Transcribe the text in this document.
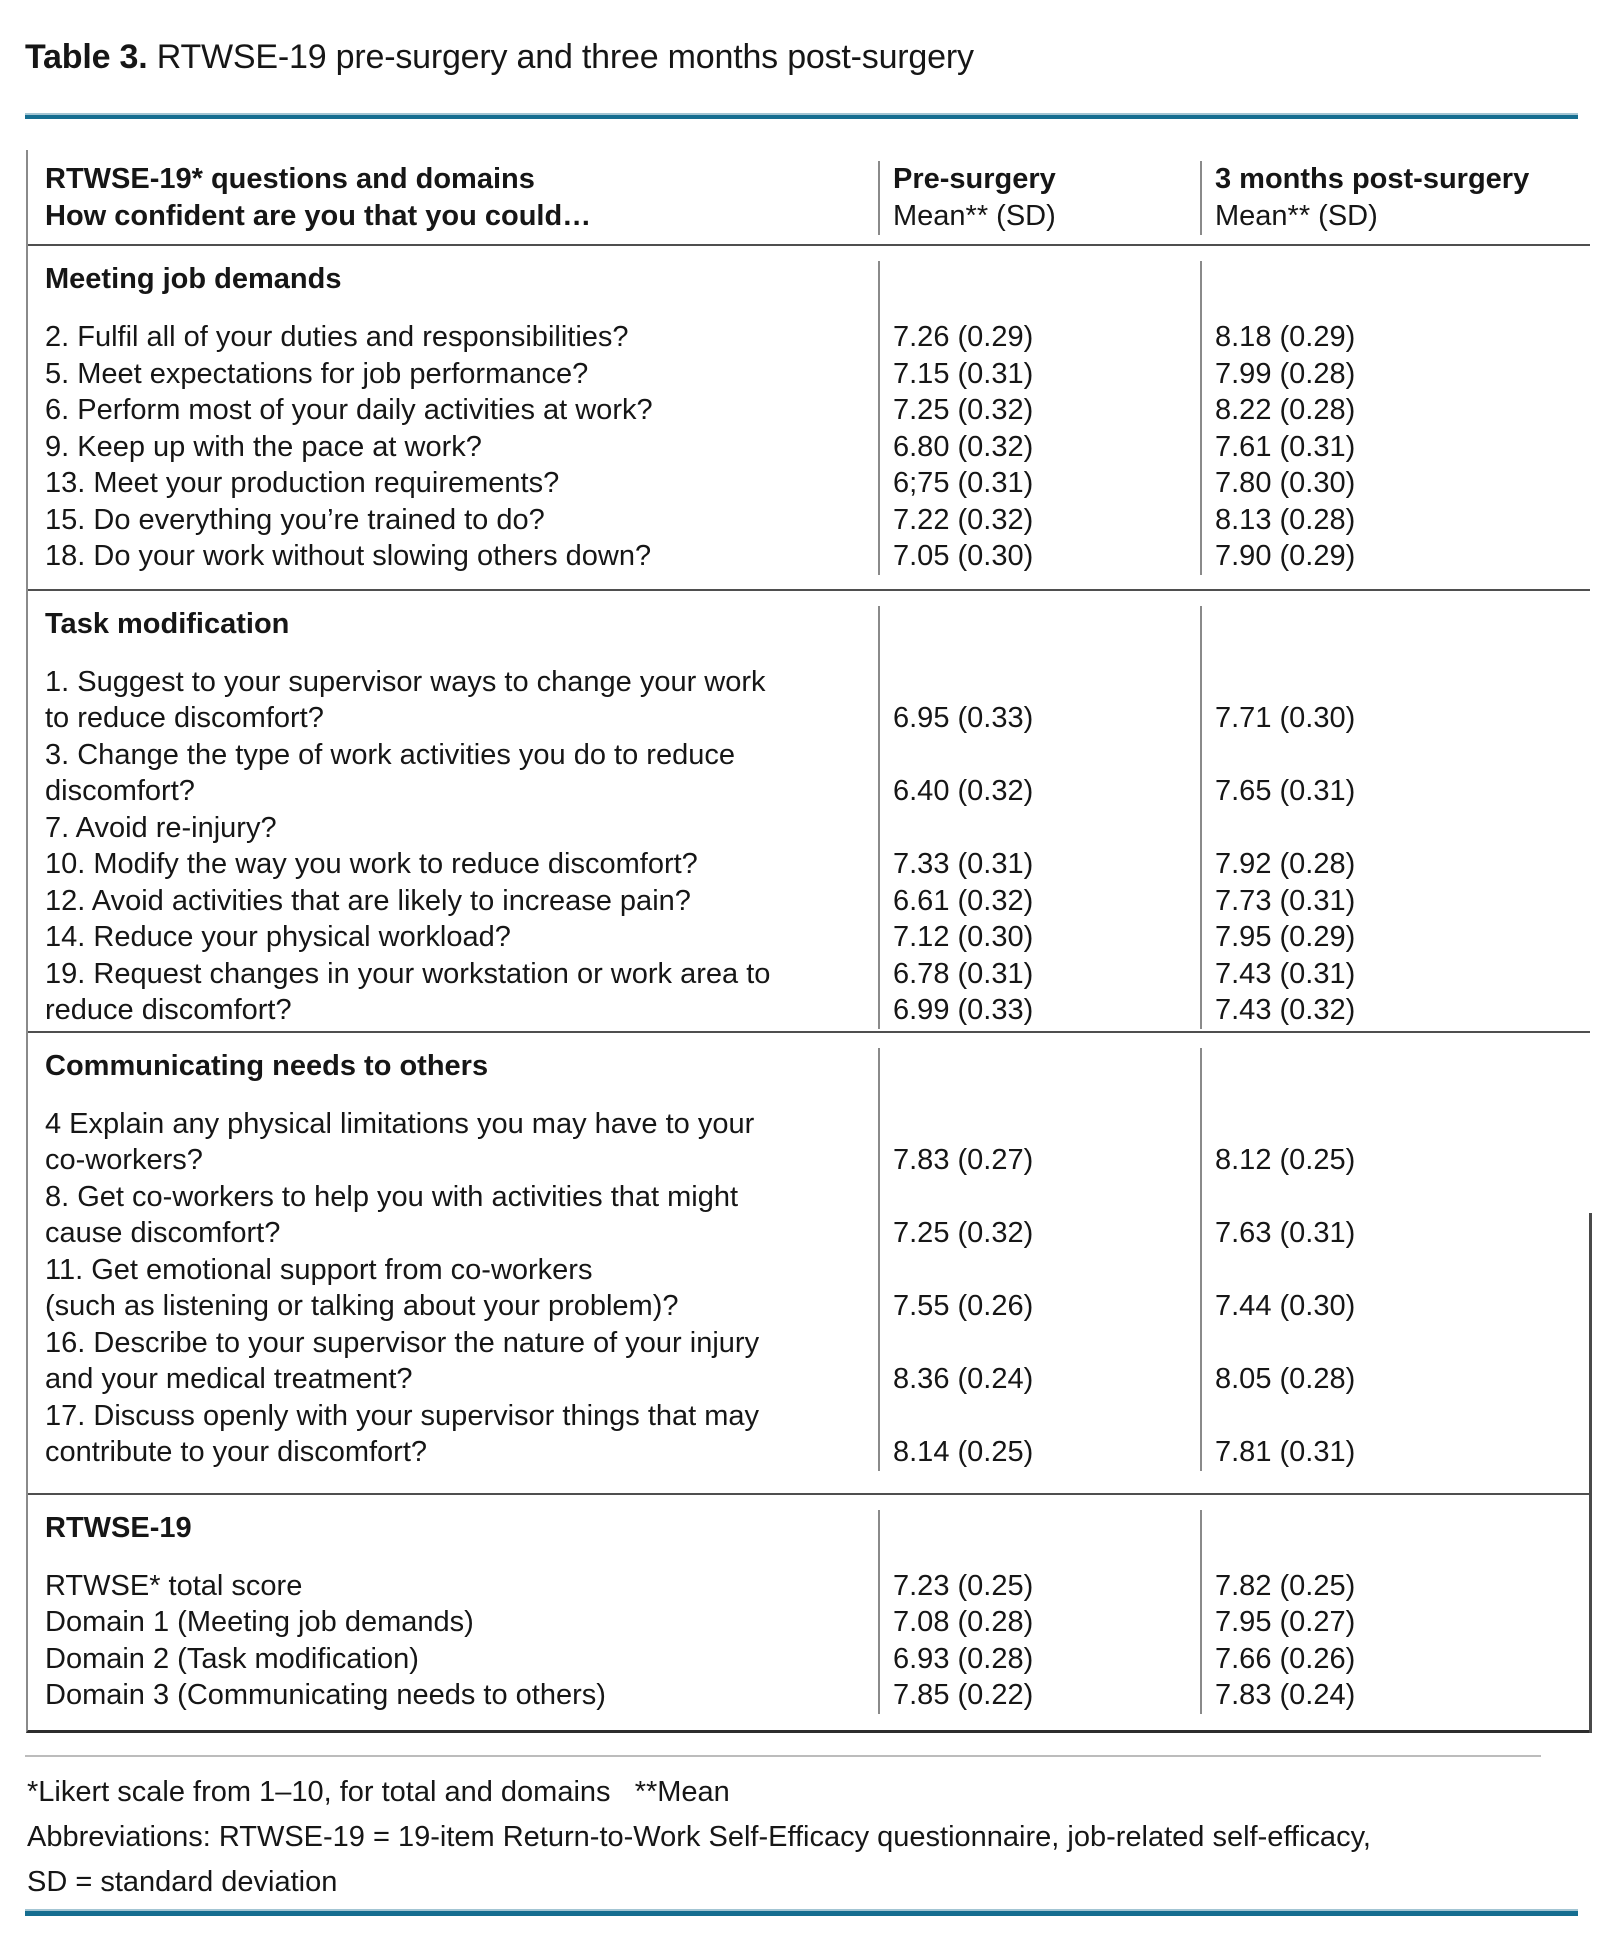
Table 3. RTWSE-19 pre-surgery and three months post-surgery

RTWSE-19* questions and domains

How confident are you that you could…

Pre-surgery

Mean** (SD)

3 months post-surgery

Mean** (SD)

Meeting job demands

2. Fulfil all of your duties and responsibilities?

5. Meet expectations for job performance?

6. Perform most of your daily activities at work?

9. Keep up with the pace at work?

13. Meet your production requirements?

15. Do everything you’re trained to do?

18. Do your work without slowing others down?

7.26 (0.29)

7.15 (0.31)

7.25 (0.32)

6.80 (0.32)

6;75 (0.31)

7.22 (0.32)

7.05 (0.30)

8.18 (0.29)

7.99 (0.28)

8.22 (0.28)

7.61 (0.31)

7.80 (0.30)

8.13 (0.28)

7.90 (0.29)

Task modification

1. Suggest to your supervisor ways to change your work

to reduce discomfort?

3. Change the type of work activities you do to reduce

discomfort?

7. Avoid re-injury?

10. Modify the way you work to reduce discomfort?

12. Avoid activities that are likely to increase pain?

14. Reduce your physical workload?

19. Request changes in your workstation or work area to

reduce discomfort?

6.95 (0.33)

6.40 (0.32)

7.33 (0.31)

6.61 (0.32)

7.12 (0.30)

6.78 (0.31)

6.99 (0.33)

7.71 (0.30)

7.65 (0.31)

7.92 (0.28)

7.73 (0.31)

7.95 (0.29)

7.43 (0.31)

7.43 (0.32)

Communicating needs to others

4 Explain any physical limitations you may have to your

co-workers?

8. Get co-workers to help you with activities that might

cause discomfort?

11. Get emotional support from co-workers

(such as listening or talking about your problem)?

16. Describe to your supervisor the nature of your injury

and your medical treatment?

17. Discuss openly with your supervisor things that may

contribute to your discomfort?

7.83 (0.27)

7.25 (0.32)

7.55 (0.26)

8.36 (0.24)

8.14 (0.25)

8.12 (0.25)

7.63 (0.31)

7.44 (0.30)

8.05 (0.28)

7.81 (0.31)

RTWSE-19

RTWSE* total score

Domain 1 (Meeting job demands)

Domain 2 (Task modification)

Domain 3 (Communicating needs to others)

7.23 (0.25)

7.08 (0.28)

6.93 (0.28)

7.85 (0.22)

7.82 (0.25)

7.95 (0.27)

7.66 (0.26)

7.83 (0.24)

*Likert scale from 1–10, for total and domains   **Mean

Abbreviations: RTWSE-19 = 19-item Return-to-Work Self-Efficacy questionnaire, job-related self-efficacy,

SD = standard deviation
